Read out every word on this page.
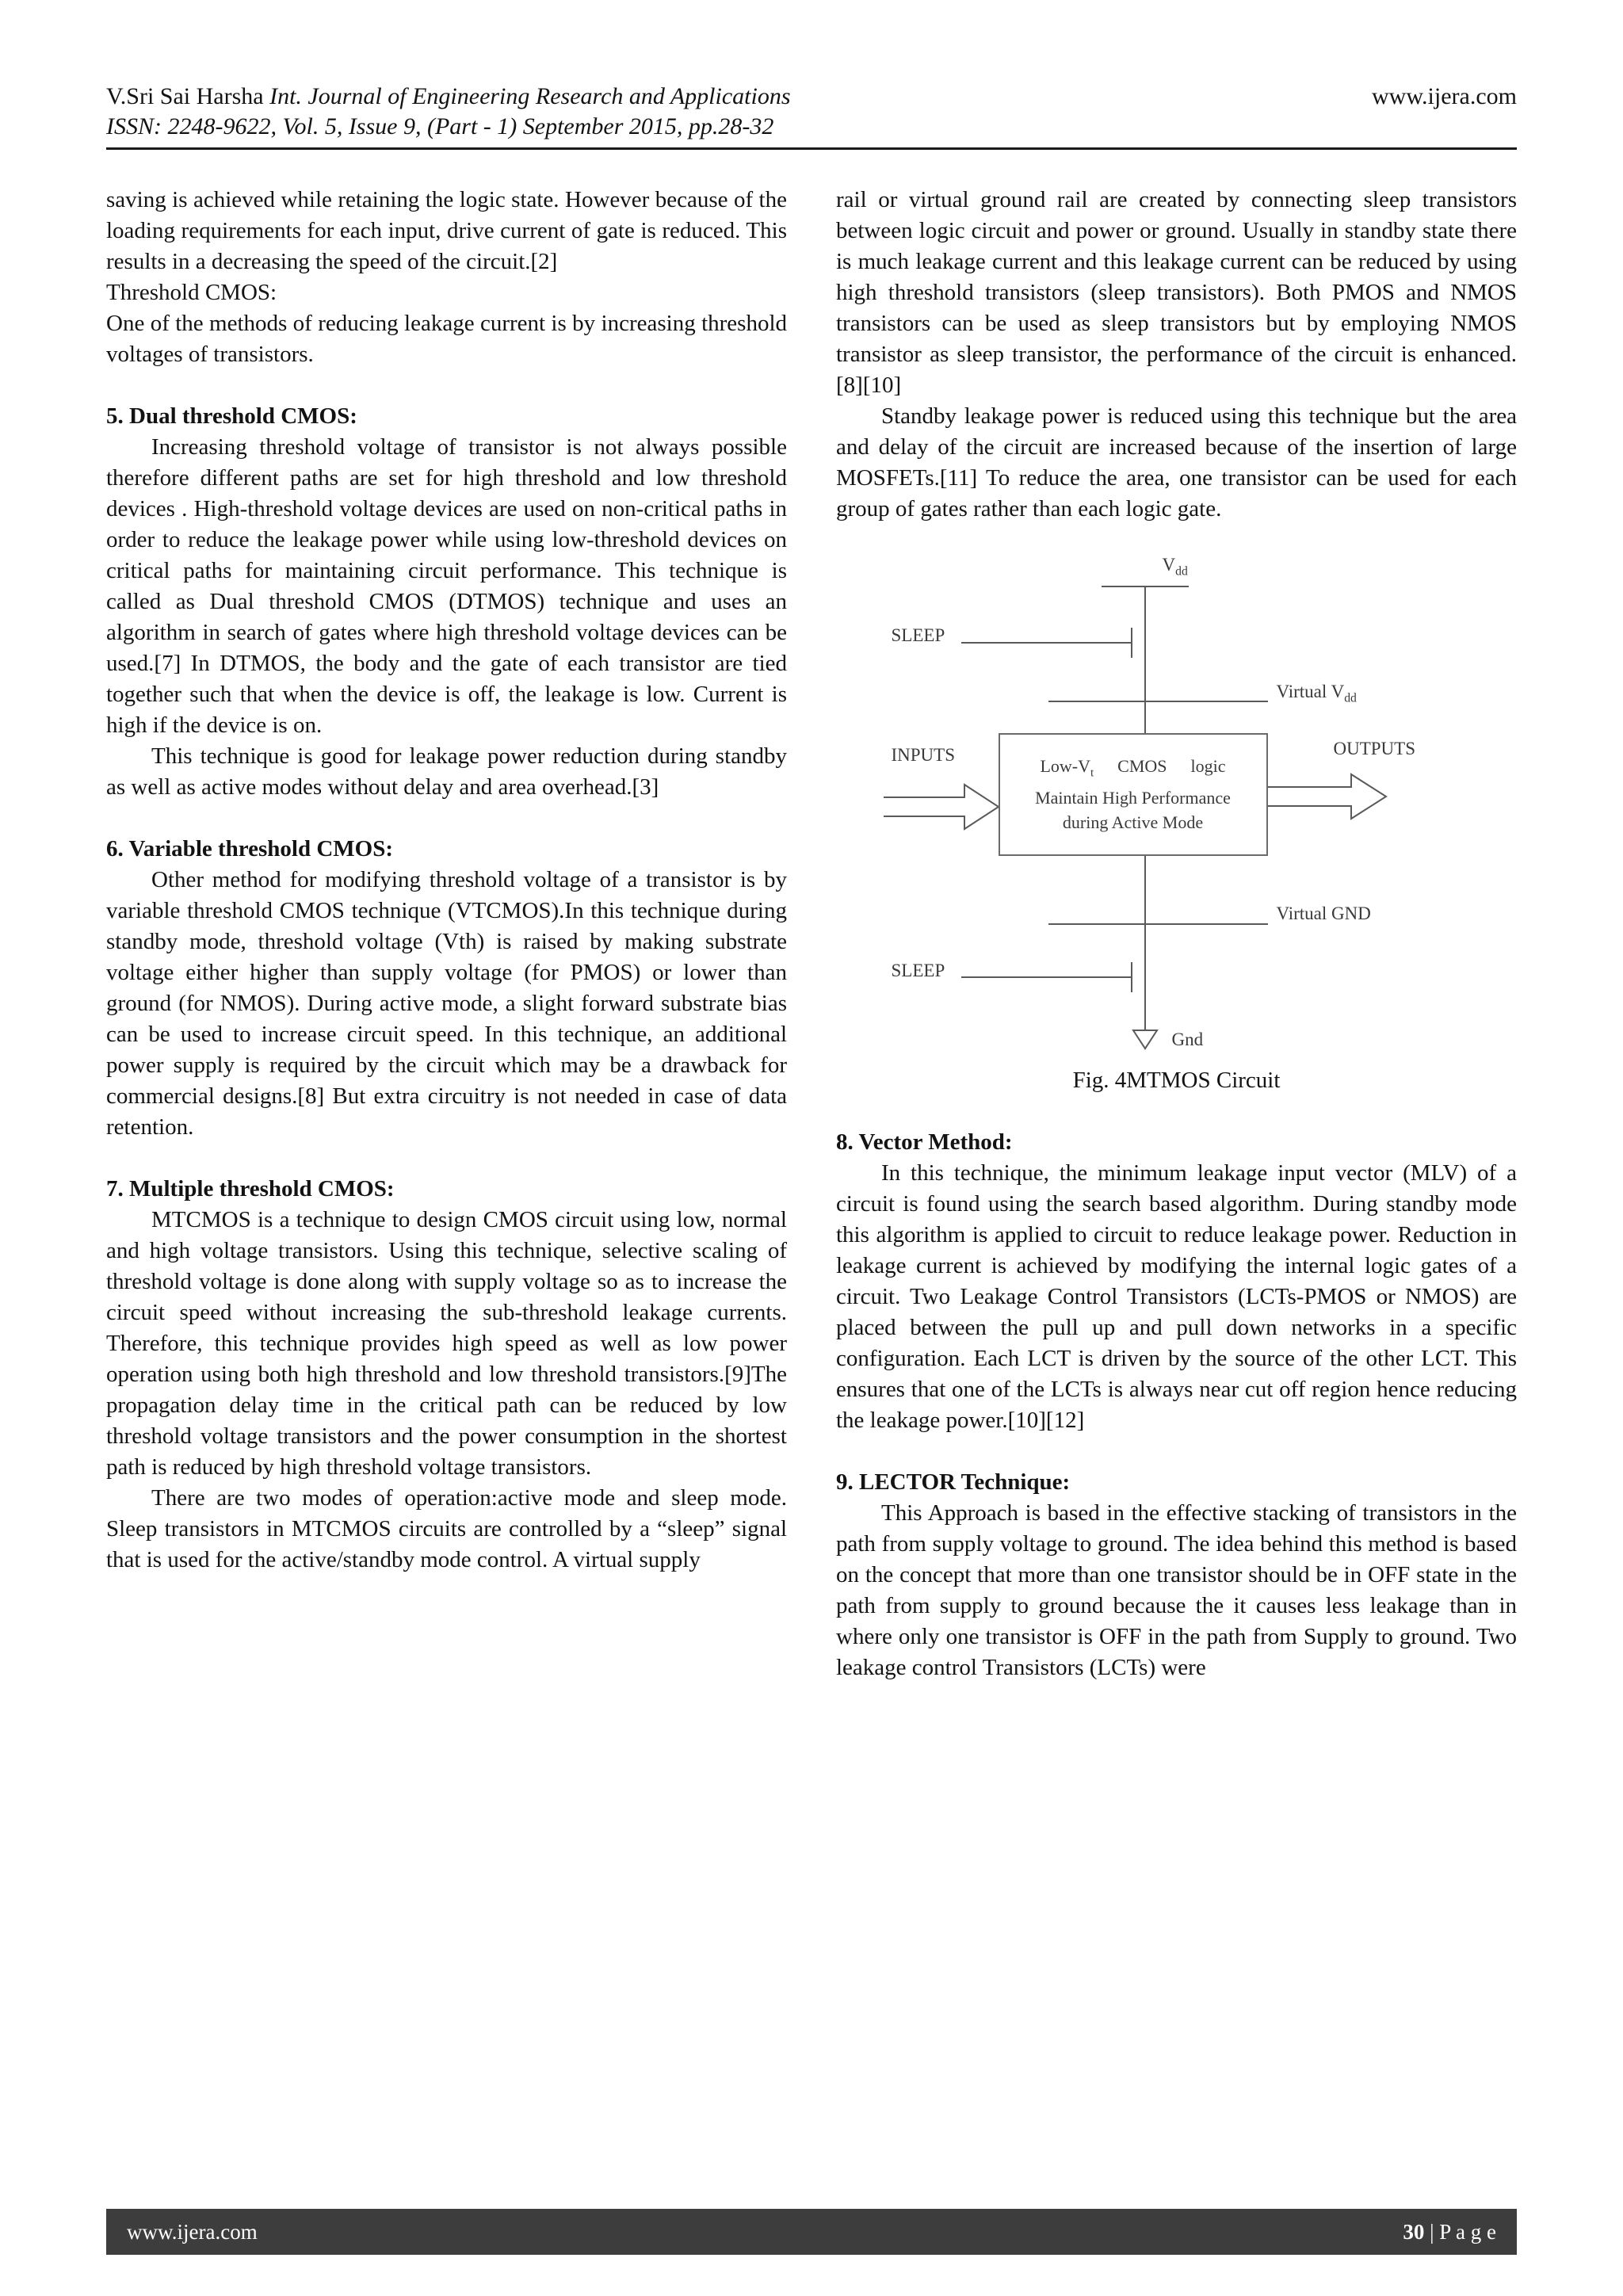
V.Sri Sai Harsha Int. Journal of Engineering Research and Applications	www.ijera.com
ISSN: 2248-9622, Vol. 5, Issue 9, (Part - 1) September 2015, pp.28-32

saving is achieved while retaining the logic state. However because of the loading requirements for each input, drive current of gate is reduced. This results in a decreasing the speed of the circuit.[2]

Threshold CMOS:

One of the methods of reducing leakage current is by increasing threshold voltages of transistors.

5. Dual threshold CMOS:

Increasing threshold voltage of transistor is not always possible therefore different paths are set for high threshold and low threshold devices . High-threshold voltage devices are used on non-critical paths in order to reduce the leakage power while using low-threshold devices on critical paths for maintaining circuit performance. This technique is called as Dual threshold CMOS (DTMOS) technique and uses an algorithm in search of gates where high threshold voltage devices can be used.[7] In DTMOS, the body and the gate of each transistor are tied together such that when the device is off, the leakage is low. Current is high if the device is on.

This technique is good for leakage power reduction during standby as well as active modes without delay and area overhead.[3]

6. Variable threshold CMOS:

Other method for modifying threshold voltage of a transistor is by variable threshold CMOS technique (VTCMOS).In this technique during standby mode, threshold voltage (Vth) is raised by making substrate voltage either higher than supply voltage (for PMOS) or lower than ground (for NMOS). During active mode, a slight forward substrate bias can be used to increase circuit speed. In this technique, an additional power supply is required by the circuit which may be a drawback for commercial designs.[8] But extra circuitry is not needed in case of data retention.

7. Multiple threshold CMOS:

MTCMOS is a technique to design CMOS circuit using low, normal and high voltage transistors. Using this technique, selective scaling of threshold voltage is done along with supply voltage so as to increase the circuit speed without increasing the sub-threshold leakage currents. Therefore, this technique provides high speed as well as low power operation using both high threshold and low threshold transistors.[9]The propagation delay time in the critical path can be reduced by low threshold voltage transistors and the power consumption in the shortest path is reduced by high threshold voltage transistors.

There are two modes of operation:active mode and sleep mode. Sleep transistors in MTCMOS circuits are controlled by a “sleep” signal that is used for the active/standby mode control. A virtual supply

rail or virtual ground rail are created by connecting sleep transistors between logic circuit and power or ground. Usually in standby state there is much leakage current and this leakage current can be reduced by using high threshold transistors (sleep transistors). Both PMOS and NMOS transistors can be used as sleep transistors but by employing NMOS transistor as sleep transistor, the performance of the circuit is enhanced.[8][10]

Standby leakage power is reduced using this technique but the area and delay of the circuit are increased because of the insertion of large MOSFETs.[11] To reduce the area, one transistor can be used for each group of gates rather than each logic gate.

$V_{dd}$
SLEEP
Virtual $V_{dd}$
INPUTS	OUTPUTS
Low-$V_t$ CMOS logic
Maintain High Performance
during Active Mode
Virtual GND
SLEEP
Gnd

Fig. 4MTMOS Circuit

8. Vector Method:

In this technique, the minimum leakage input vector (MLV) of a circuit is found using the search based algorithm. During standby mode this algorithm is applied to circuit to reduce leakage power. Reduction in leakage current is achieved by modifying the internal logic gates of a circuit. Two Leakage Control Transistors (LCTs-PMOS or NMOS) are placed between the pull up and pull down networks in a specific configuration. Each LCT is driven by the source of the other LCT. This ensures that one of the LCTs is always near cut off region hence reducing the leakage power.[10][12]

9. LECTOR Technique:

This Approach is based in the effective stacking of transistors in the path from supply voltage to ground. The idea behind this method is based on the concept that more than one transistor should be in OFF state in the path from supply to ground because the it causes less leakage than in where only one transistor is OFF in the path from Supply to ground. Two leakage control Transistors (LCTs) were

www.ijera.com	30 | P a g e
